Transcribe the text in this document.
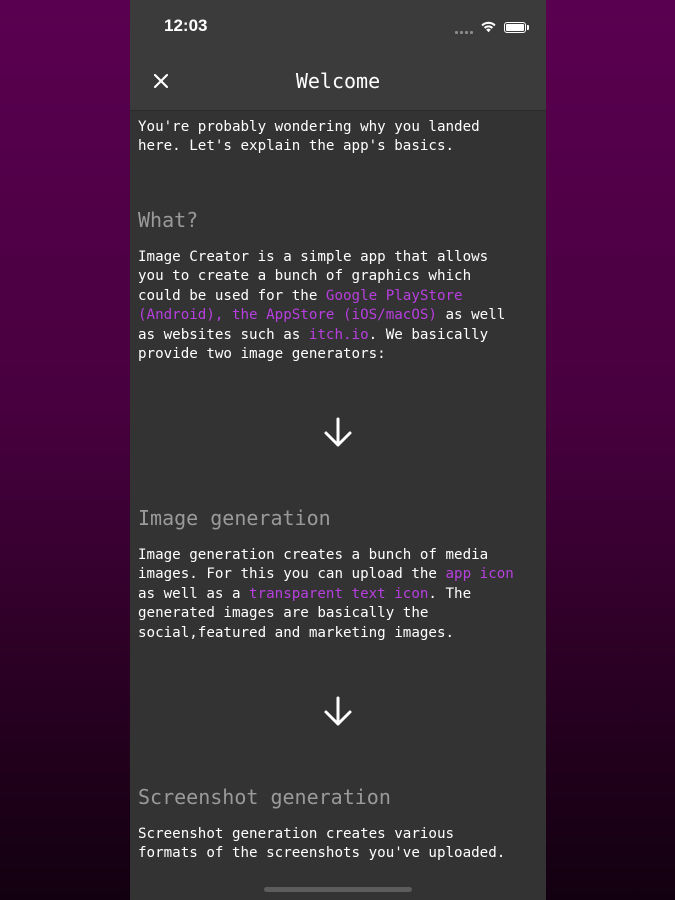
12:03
Welcome

You're probably wondering why you landed
here. Let's explain the app's basics.

What?

Image Creator is a simple app that allows
you to create a bunch of graphics which
could be used for the Google PlayStore
(Android), the AppStore (iOS/macOS) as well
as websites such as itch.io. We basically
provide two image generators:

Image generation

Image generation creates a bunch of media
images. For this you can upload the app icon
as well as a transparent text icon. The
generated images are basically the
social,featured and marketing images.

Screenshot generation

Screenshot generation creates various
formats of the screenshots you've uploaded.
